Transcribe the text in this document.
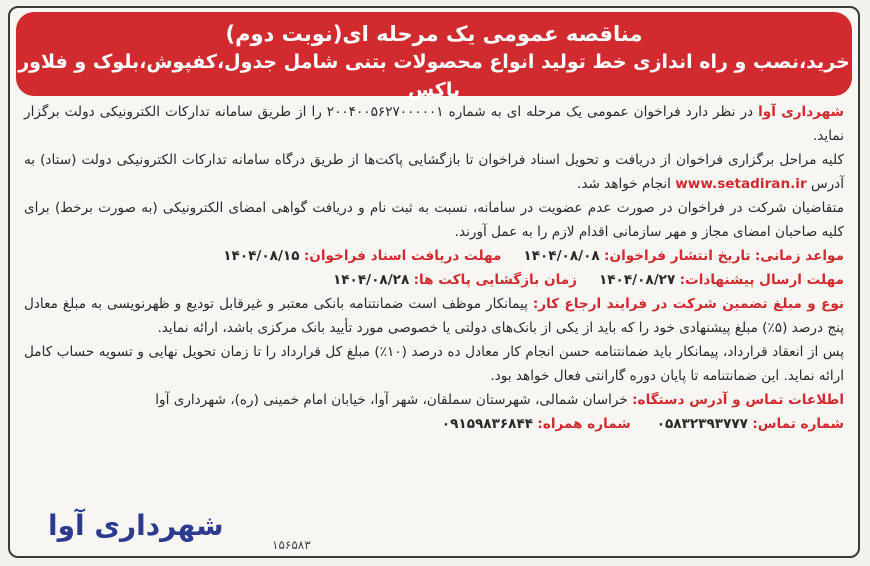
مناقصه عمومی یک مرحله ای(نوبت دوم)
خرید،نصب و راه اندازی خط تولید انواع محصولات بتنی شامل جدول،کفپوش،بلوک و فلاور باکس

شهرداری آوا در نظر دارد فراخوان عمومی یک مرحله ای به شماره ۲۰۰۴۰۰۵۶۲۷۰۰۰۰۰۱ را از طریق سامانه تدارکات الکترونیکی دولت برگزار نماید.

کلیه مراحل برگزاری فراخوان از دریافت و تحویل اسناد فراخوان تا بازگشایی پاکت‌ها از طریق درگاه سامانه تدارکات الکترونیکی دولت (ستاد) به آدرس www.setadiran.ir انجام خواهد شد.

متقاضیان شرکت در فراخوان در صورت عدم عضویت در سامانه، نسبت به ثبت نام و دریافت گواهی امضای الکترونیکی (به صورت برخط) برای کلیه صاحبان امضای مجاز و مهر سازمانی اقدام لازم را به عمل آورند.

مواعد زمانی: تاریخ انتشار فراخوان: ۱۴۰۴/۰۸/۰۸
مهلت دریافت اسناد فراخوان: ۱۴۰۴/۰۸/۱۵
مهلت ارسال پیشنهادات: ۱۴۰۴/۰۸/۲۷
زمان بازگشایی پاکت ها: ۱۴۰۴/۰۸/۲۸

نوع و مبلغ تضمین شرکت در فرایند ارجاع کار: پیمانکار موظف است ضمانتنامه بانکی معتبر و غیرقابل تودیع و ظهرنویسی به مبلغ معادل پنج درصد (۵٪) مبلغ پیشنهادی خود را که باید از یکی از بانک‌های دولتی یا خصوصی مورد تأیید بانک مرکزی باشد، ارائه نماید.

پس از انعقاد قرارداد، پیمانکار باید ضمانتنامه حسن انجام کار معادل ده درصد (۱۰٪) مبلغ کل قرارداد را تا زمان تحویل نهایی و تسویه حساب کامل ارائه نماید. این ضمانتنامه تا پایان دوره گارانتی فعال خواهد بود.

اطلاعات تماس و آدرس دستگاه: خراسان شمالی، شهرستان سملقان، شهر آوا، خیابان امام خمینی (ره)، شهرداری آوا

شماره تماس: ۰۵۸۳۲۳۹۳۷۷۷
شماره همراه: ۰۹۱۵۹۸۳۶۸۴۴
شهرداری آوا
۱۵۶۵۸۳
